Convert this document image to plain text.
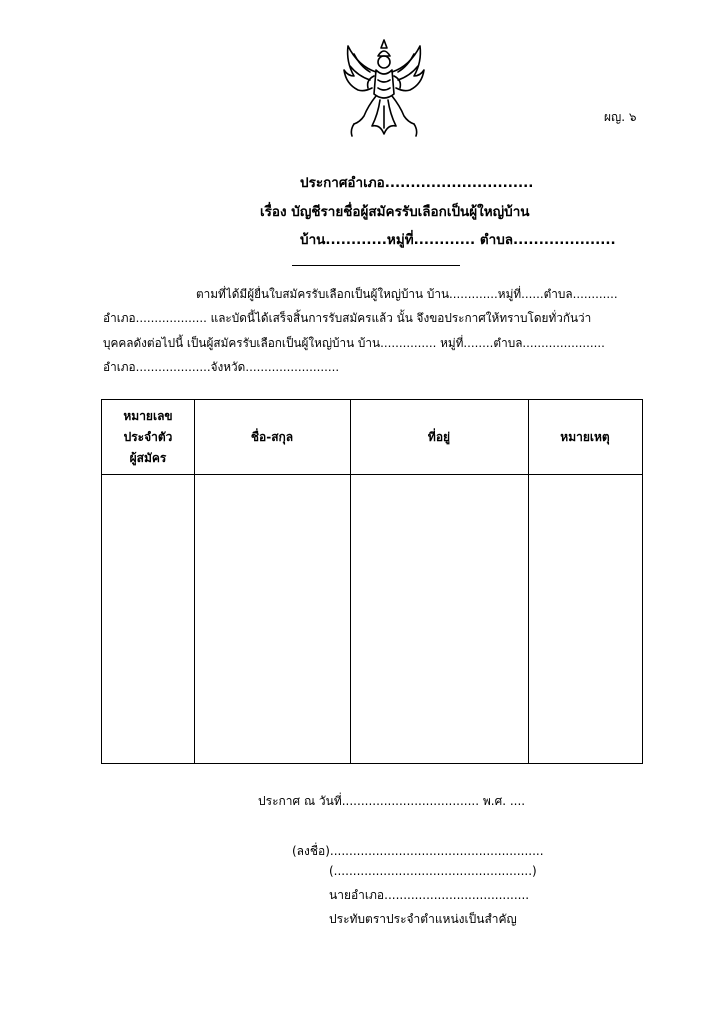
ผญ. ๖
ประกาศอำเภอ.............................
เรื่อง บัญชีรายชื่อผู้สมัครรับเลือกเป็นผู้ใหญ่บ้าน
บ้าน............หมู่ที่............ ตำบล....................
ตามที่ได้มีผู้ยื่นใบสมัครรับเลือกเป็นผู้ใหญ่บ้าน บ้าน.............หมู่ที่......ตำบล............
อำเภอ................... และบัดนี้ได้เสร็จสิ้นการรับสมัครแล้ว นั้น จึงขอประกาศให้ทราบโดยทั่วกันว่า
บุคคลดังต่อไปนี้ เป็นผู้สมัครรับเลือกเป็นผู้ใหญ่บ้าน บ้าน............... หมู่ที่........ตำบล......................
อำเภอ....................จังหวัด.........................
หมายเลข
ประจำตัว
ผู้สมัคร
ชื่อ-สกุล	ที่อยู่	หมายเหตุ
ประกาศ ณ วันที่.................................... พ.ศ. ....
(ลงชื่อ)........................................................
(....................................................)
นายอำเภอ......................................
ประทับตราประจำตำแหน่งเป็นสำคัญ
